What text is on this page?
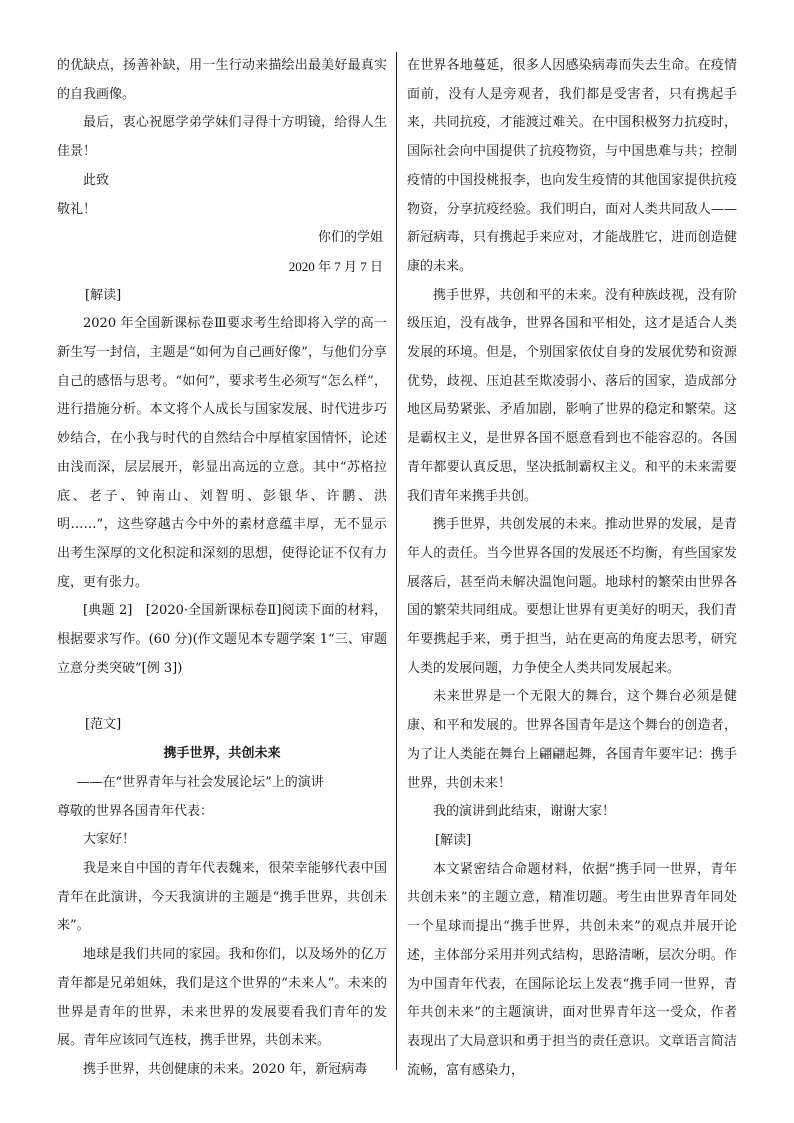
的优缺点，扬善补缺，用一生行动来描绘出最美好最真实的自我画像。

最后，衷心祝愿学弟学妹们寻得十方明镜，给得人生佳景！

此致

敬礼！

你们的学姐

2020 年 7 月 7 日

[解读]

2020 年全国新课标卷Ⅲ要求考生给即将入学的高一新生写一封信，主题是“如何为自己画好像”，与他们分享自己的感悟与思考。“如何”，要求考生必须写“怎么样”，进行措施分析。本文将个人成长与国家发展、时代进步巧妙结合，在小我与时代的自然结合中厚植家国情怀，论述由浅而深，层层展开，彰显出高远的立意。其中“苏格拉底、老子、钟南山、刘智明、彭银华、许鹏、洪明……”，这些穿越古今中外的素材意蕴丰厚，无不显示出考生深厚的文化积淀和深刻的思想，使得论证不仅有力度，更有张力。

[典题 2]　[2020·全国新课标卷Ⅱ]阅读下面的材料，根据要求写作。(60 分)(作文题见本专题学案 1“三、审题立意分类突破”[例 3])

[范文]

携手世界，共创未来

——在“世界青年与社会发展论坛”上的演讲

尊敬的世界各国青年代表：

大家好！

我是来自中国的青年代表魏来，很荣幸能够代表中国青年在此演讲，今天我演讲的主题是“携手世界，共创未来”。

地球是我们共同的家园。我和你们，以及场外的亿万青年都是兄弟姐妹，我们是这个世界的“未来人”。未来的世界是青年的世界，未来世界的发展要看我们青年的发展。青年应该同气连枝，携手世界，共创未来。

携手世界，共创健康的未来。2020 年，新冠病毒

在世界各地蔓延，很多人因感染病毒而失去生命。在疫情面前，没有人是旁观者，我们都是受害者，只有携起手来，共同抗疫，才能渡过难关。在中国积极努力抗疫时，国际社会向中国提供了抗疫物资，与中国患难与共；控制疫情的中国投桃报李，也向发生疫情的其他国家提供抗疫物资，分享抗疫经验。我们明白，面对人类共同敌人——新冠病毒，只有携起手来应对，才能战胜它，进而创造健康的未来。

携手世界，共创和平的未来。没有种族歧视，没有阶级压迫，没有战争，世界各国和平相处，这才是适合人类发展的环境。但是，个别国家依仗自身的发展优势和资源优势，歧视、压迫甚至欺凌弱小、落后的国家，造成部分地区局势紧张、矛盾加剧，影响了世界的稳定和繁荣。这是霸权主义，是世界各国不愿意看到也不能容忍的。各国青年都要认真反思，坚决抵制霸权主义。和平的未来需要我们青年来携手共创。

携手世界，共创发展的未来。推动世界的发展，是青年人的责任。当今世界各国的发展还不均衡，有些国家发展落后，甚至尚未解决温饱问题。地球村的繁荣由世界各国的繁荣共同组成。要想让世界有更美好的明天，我们青年要携起手来，勇于担当，站在更高的角度去思考，研究人类的发展问题，力争使全人类共同发展起来。

未来世界是一个无限大的舞台，这个舞台必须是健康、和平和发展的。世界各国青年是这个舞台的创造者，为了让人类能在舞台上翩翩起舞，各国青年要牢记：携手世界，共创未来！

我的演讲到此结束，谢谢大家！

[解读]

本文紧密结合命题材料，依据“携手同一世界，青年共创未来”的主题立意，精准切题。考生由世界青年同处一个星球而提出“携手世界，共创未来”的观点并展开论述，主体部分采用并列式结构，思路清晰，层次分明。作为中国青年代表，在国际论坛上发表“携手同一世界，青年共创未来”的主题演讲，面对世界青年这一受众，作者表现出了大局意识和勇于担当的责任意识。文章语言简洁流畅，富有感染力，
